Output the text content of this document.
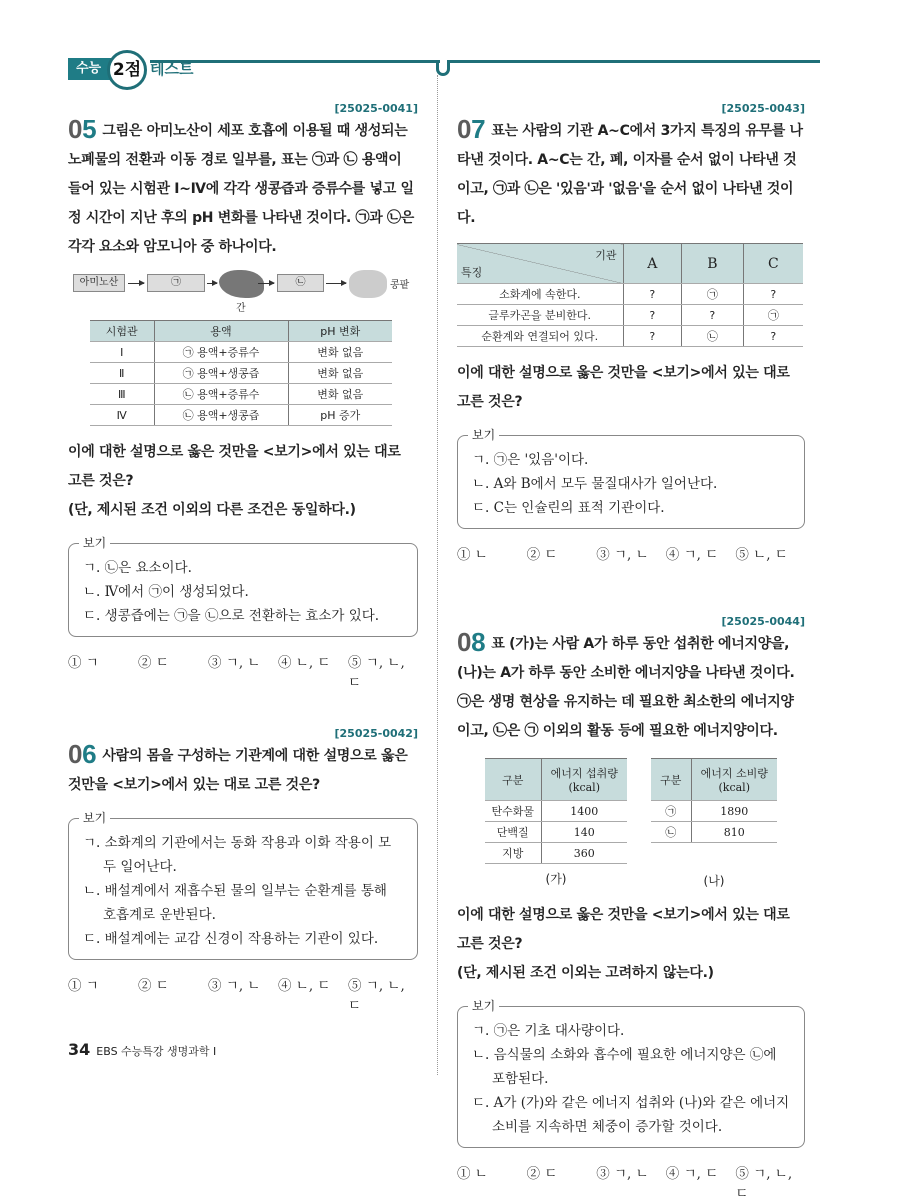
수능 2점 테스트
[25025-0041]
05 그림은 아미노산이 세포 호흡에 이용될 때 생성되는 노폐물의 전환과 이동 경로 일부를, 표는 ㉠과 ㉡ 용액이 들어 있는 시험관 Ⅰ~Ⅳ에 각각 생콩즙과 증류수를 넣고 일정 시간이 지난 후의 pH 변화를 나타낸 것이다. ㉠과 ㉡은 각각 요소와 암모니아 중 하나이다.
아미노산	㉠
간
㉡	콩팥
시험관	용액	pH 변화
Ⅰ	㉠ 용액+증류수	변화 없음
Ⅱ	㉠ 용액+생콩즙	변화 없음
Ⅲ	㉡ 용액+증류수	변화 없음
Ⅳ	㉡ 용액+생콩즙	pH 증가
이에 대한 설명으로 옳은 것만을 <보기>에서 있는 대로 고른 것은?
(단, 제시된 조건 이외의 다른 조건은 동일하다.)
보기
ㄱ. ㉡은 요소이다.
ㄴ. Ⅳ에서 ㉠이 생성되었다.
ㄷ. 생콩즙에는 ㉠을 ㉡으로 전환하는 효소가 있다.
① ㄱ	② ㄷ	③ ㄱ, ㄴ	④ ㄴ, ㄷ	⑤ ㄱ, ㄴ, ㄷ
[25025-0042]
06 사람의 몸을 구성하는 기관계에 대한 설명으로 옳은 것만을 <보기>에서 있는 대로 고른 것은?
보기
ㄱ. 소화계의 기관에서는 동화 작용과 이화 작용이 모두 일어난다.
ㄴ. 배설계에서 재흡수된 물의 일부는 순환계를 통해 호흡계로 운반된다.
ㄷ. 배설계에는 교감 신경이 작용하는 기관이 있다.
① ㄱ	② ㄷ	③ ㄱ, ㄴ	④ ㄴ, ㄷ	⑤ ㄱ, ㄴ, ㄷ
34 EBS 수능특강 생명과학 Ⅰ
[25025-0043]
07 표는 사람의 기관 A~C에서 3가지 특징의 유무를 나타낸 것이다. A~C는 간, 폐, 이자를 순서 없이 나타낸 것이고, ㉠과 ㉡은 '있음'과 '없음'을 순서 없이 나타낸 것이다.
기관
특징	A	B	C
소화계에 속한다.	?	㉠	?
글루카곤을 분비한다.	?	?	㉠
순환계와 연결되어 있다.	?	㉡	?
이에 대한 설명으로 옳은 것만을 <보기>에서 있는 대로 고른 것은?
보기
ㄱ. ㉠은 '있음'이다.
ㄴ. A와 B에서 모두 물질대사가 일어난다.
ㄷ. C는 인슐린의 표적 기관이다.
① ㄴ	② ㄷ	③ ㄱ, ㄴ	④ ㄱ, ㄷ	⑤ ㄴ, ㄷ
[25025-0044]
08 표 (가)는 사람 A가 하루 동안 섭취한 에너지양을, (나)는 A가 하루 동안 소비한 에너지양을 나타낸 것이다. ㉠은 생명 현상을 유지하는 데 필요한 최소한의 에너지양이고, ㉡은 ㉠ 이외의 활동 등에 필요한 에너지양이다.
구분	에너지 섭취량
(kcal)

탄수화물	1400
단백질	140
지방	360
(가)
구분	에너지 소비량
(kcal)

㉠	1890
㉡	810
(나)
이에 대한 설명으로 옳은 것만을 <보기>에서 있는 대로 고른 것은?
(단, 제시된 조건 이외는 고려하지 않는다.)
보기
ㄱ. ㉠은 기초 대사량이다.
ㄴ. 음식물의 소화와 흡수에 필요한 에너지양은 ㉡에 포함된다.
ㄷ. A가 (가)와 같은 에너지 섭취와 (나)와 같은 에너지 소비를 지속하면 체중이 증가할 것이다.
① ㄴ	② ㄷ	③ ㄱ, ㄴ	④ ㄱ, ㄷ	⑤ ㄱ, ㄴ, ㄷ
